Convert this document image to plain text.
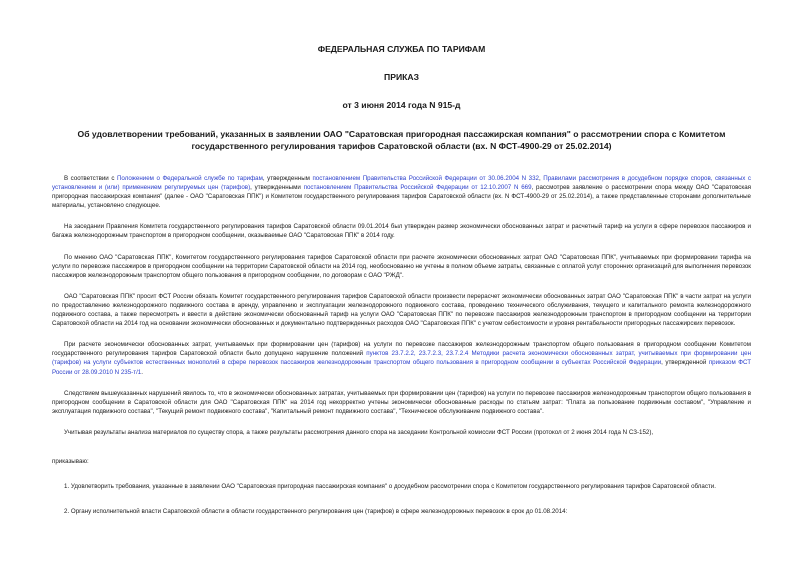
ФЕДЕРАЛЬНАЯ СЛУЖБА ПО ТАРИФАМ
ПРИКАЗ
от 3 июня 2014 года N 915-д
Об удовлетворении требований, указанных в заявлении ОАО "Саратовская пригородная пассажирская компания" о рассмотрении спора с Комитетом государственного регулирования тарифов Саратовской области (вх. N ФСТ-4900-29 от 25.02.2014)

В соответствии с Положением о Федеральной службе по тарифам, утвержденным постановлением Правительства Российской Федерации от 30.06.2004 N 332, Правилами рассмотрения в досудебном порядке споров, связанных с установлением и (или) применением регулируемых цен (тарифов), утвержденными постановлением Правительства Российской Федерации от 12.10.2007 N 669, рассмотрев заявление о рассмотрении спора между ОАО "Саратовская пригородная пассажирская компания" (далее - ОАО "Саратовская ППК") и Комитетом государственного регулирования тарифов Саратовской области (вх. N ФСТ-4900-29 от 25.02.2014), а также представленные сторонами дополнительные материалы, установлено следующее.

На заседании Правления Комитета государственного регулирования тарифов Саратовской области 09.01.2014 был утвержден размер экономически обоснованных затрат и расчетный тариф на услуги в сфере перевозок пассажиров и багажа железнодорожным транспортом в пригородном сообщении, оказываемые ОАО "Саратовская ППК" в 2014 году.

По мнению ОАО "Саратовская ППК", Комитетом государственного регулирования тарифов Саратовской области при расчете экономически обоснованных затрат ОАО "Саратовская ППК", учитываемых при формировании тарифа на услуги по перевозке пассажиров в пригородном сообщении на территории Саратовской области на 2014 год, необоснованно не учтены в полном объеме затраты, связанные с оплатой услуг сторонних организаций для выполнения перевозок пассажиров железнодорожным транспортом общего пользования в пригородном сообщении, по договорам с ОАО "РЖД".

ОАО "Саратовская ППК" просит ФСТ России обязать Комитет государственного регулирования тарифов Саратовской области произвести перерасчет экономически обоснованных затрат ОАО "Саратовская ППК" в части затрат на услуги по предоставлению железнодорожного подвижного состава в аренду, управлению и эксплуатации железнодорожного подвижного состава, проведению технического обслуживания, текущего и капитального ремонта железнодорожного подвижного состава, а также пересмотреть и ввести в действие экономически обоснованный тариф на услуги ОАО "Саратовская ППК" по перевозке пассажиров железнодорожным транспортом в пригородном сообщении на территории Саратовской области на 2014 год на основании экономически обоснованных и документально подтвержденных расходов ОАО "Саратовская ППК" с учетом себестоимости и уровня рентабельности пригородных пассажирских перевозок.

При расчете экономически обоснованных затрат, учитываемых при формировании цен (тарифов) на услуги по перевозке пассажиров железнодорожным транспортом общего пользования в пригородном сообщении Комитетом государственного регулирования тарифов Саратовской области было допущено нарушение положений пунктов 23.7.2.2, 23.7.2.3, 23.7.2.4 Методики расчета экономически обоснованных затрат, учитываемых при формировании цен (тарифов) на услуги субъектов естественных монополий в сфере перевозок пассажиров железнодорожным транспортом общего пользования в пригородном сообщении в субъектах Российской Федерации, утвержденной приказом ФСТ России от 28.09.2010 N 235-т/1.

Следствием вышеуказанных нарушений явилось то, что в экономически обоснованных затратах, учитываемых при формировании цен (тарифов) на услуги по перевозке пассажиров железнодорожным транспортом общего пользования в пригородном сообщении в Саратовской области для ОАО "Саратовская ППК" на 2014 год некорректно учтены экономически обоснованные расходы по статьям затрат: "Плата за пользование подвижным составом", "Управление и эксплуатация подвижного состава", "Текущий ремонт подвижного состава", "Капитальный ремонт подвижного состава", "Техническое обслуживание подвижного состава".

Учитывая результаты анализа материалов по существу спора, а также результаты рассмотрения данного спора на заседании Контрольной комиссии ФСТ России (протокол от 2 июня 2014 года N СЗ-152),

приказываю:

1. Удовлетворить требования, указанные в заявлении ОАО "Саратовская пригородная пассажирская компания" о досудебном рассмотрении спора с Комитетом государственного регулирования тарифов Саратовской области.

2. Органу исполнительной власти Саратовской области в области государственного регулирования цен (тарифов) в сфере железнодорожных перевозок в срок до 01.08.2014:
